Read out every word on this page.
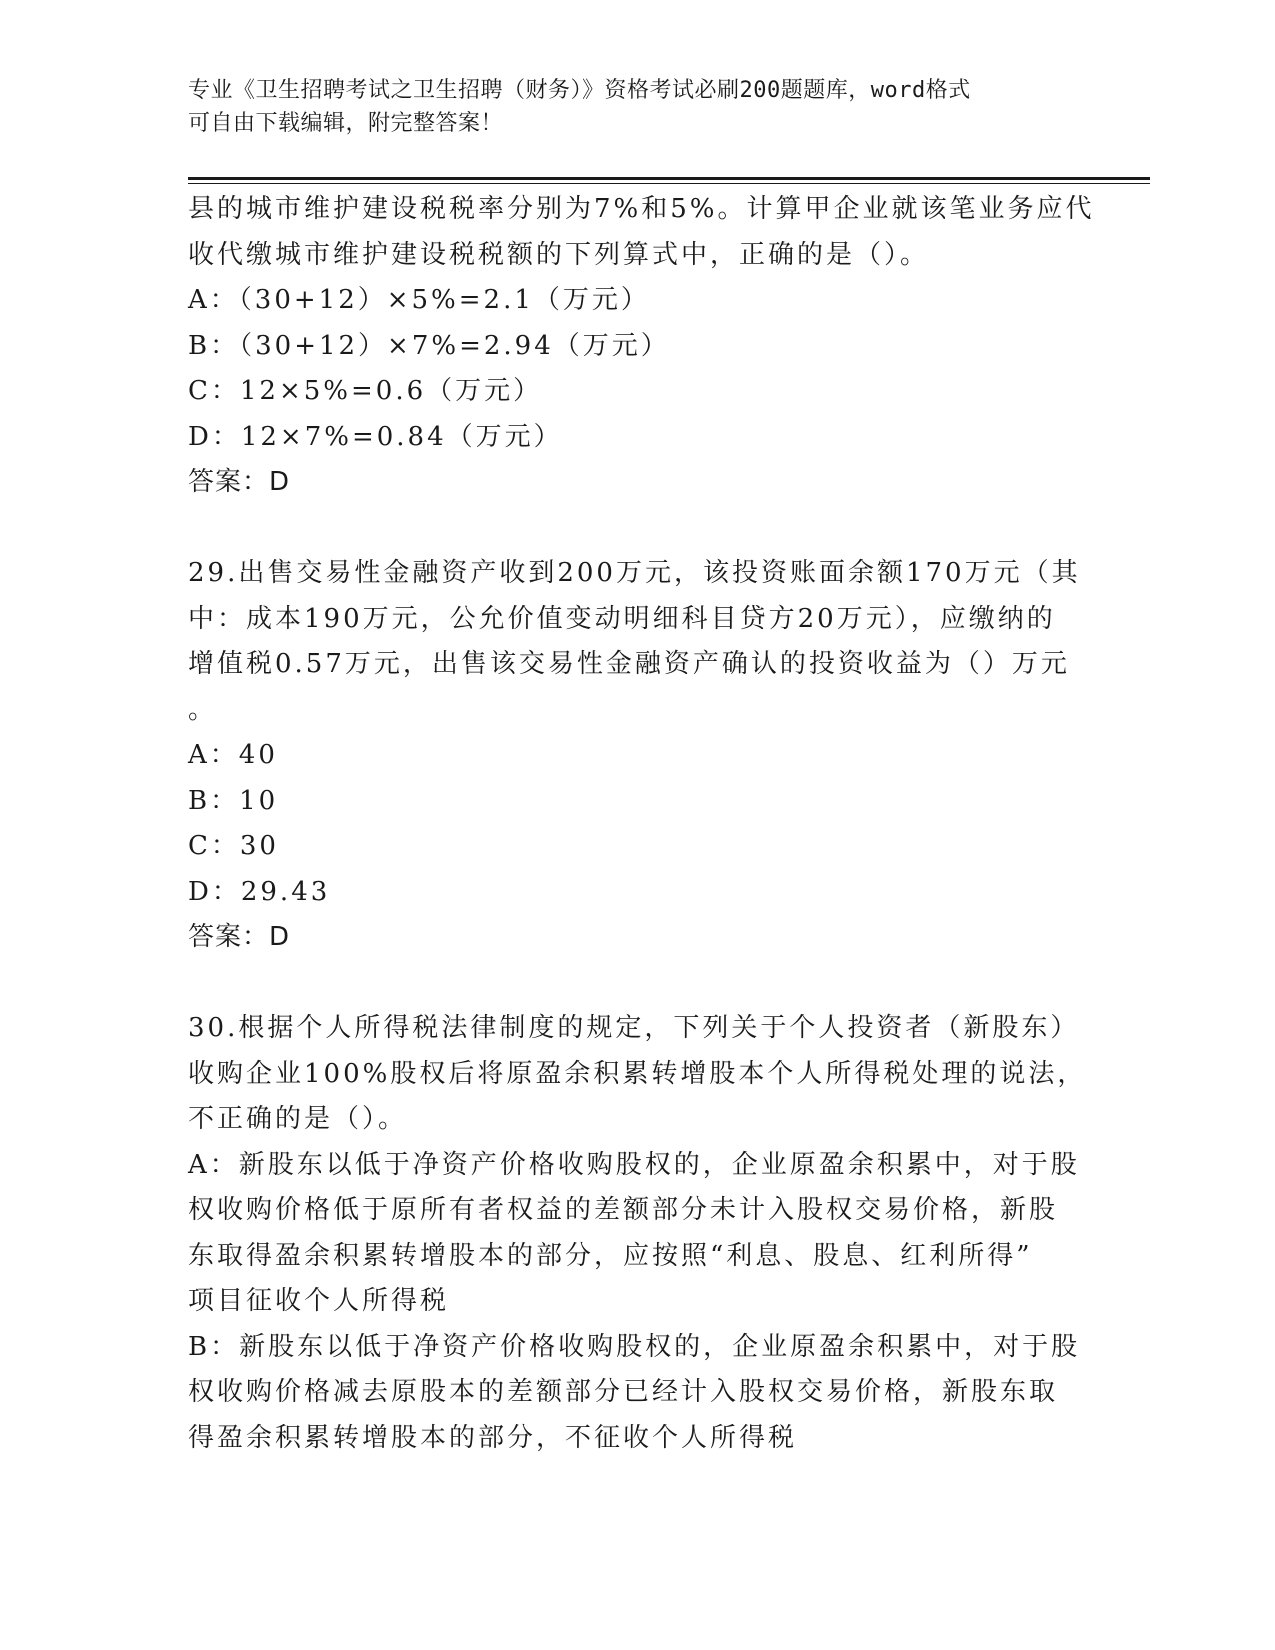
专业《卫生招聘考试之卫生招聘（财务）》资格考试必刷200题题库，word格式
可自由下载编辑，附完整答案！
县的城市维护建设税税率分别为7%和5%。计算甲企业就该笔业务应代
收代缴城市维护建设税税额的下列算式中，正确的是（）。
A：（30+12）×5%=2.1（万元）
B：（30+12）×7%=2.94（万元）
C：12×5%=0.6（万元）
D：12×7%=0.84（万元）
答案：D
29.出售交易性金融资产收到200万元，该投资账面余额170万元（其
中：成本190万元，公允价值变动明细科目贷方20万元），应缴纳的
增值税0.57万元，出售该交易性金融资产确认的投资收益为（）万元
。
A：40
B：10
C：30
D：29.43
答案：D
30.根据个人所得税法律制度的规定，下列关于个人投资者（新股东）
收购企业100%股权后将原盈余积累转增股本个人所得税处理的说法，
不正确的是（）。
A：新股东以低于净资产价格收购股权的，企业原盈余积累中，对于股
权收购价格低于原所有者权益的差额部分未计入股权交易价格，新股
东取得盈余积累转增股本的部分，应按照“利息、股息、红利所得”
项目征收个人所得税
B：新股东以低于净资产价格收购股权的，企业原盈余积累中，对于股
权收购价格减去原股本的差额部分已经计入股权交易价格，新股东取
得盈余积累转增股本的部分，不征收个人所得税
